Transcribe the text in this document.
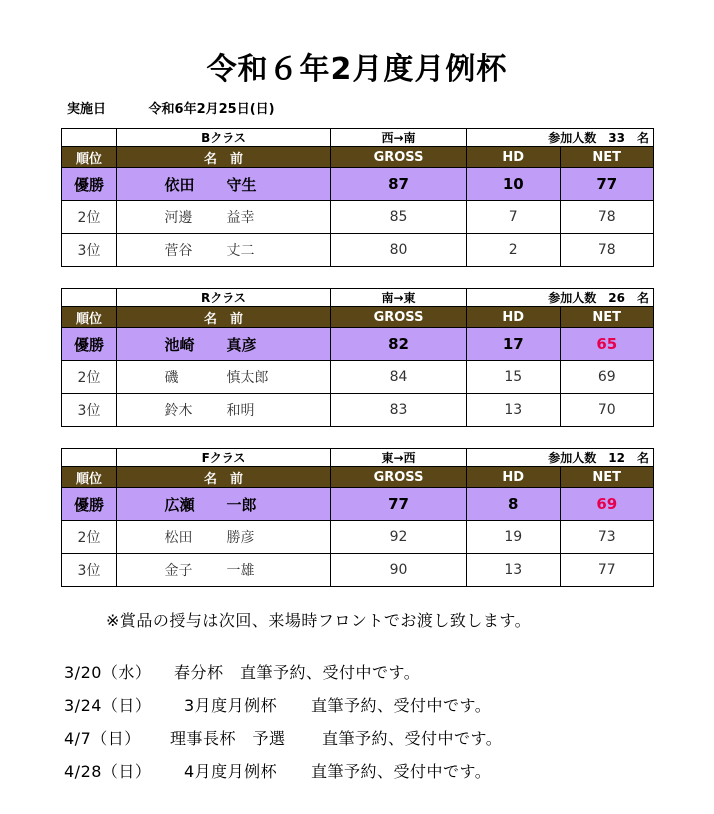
令和６年2月度月例杯
実施日	令和6年2月25日(日)
	Bクラス	西→南	参加人数　33　名	
順位	名　前	GROSS	HD	NET
優勝	依田 守生	87	10	77
2位	河邊 益幸	85	7	78
3位	菅谷 丈二	80	2	78
	Rクラス	南→東	参加人数　26　名	
順位	名　前	GROSS	HD	NET
優勝	池崎 真彦	82	17	65
2位	磯 慎太郎	84	15	69
3位	鈴木 和明	83	13	70
	Fクラス	東→西	参加人数　12　名	
順位	名　前	GROSS	HD	NET
優勝	広瀬 一郎	77	8	69
2位	松田 勝彦	92	19	73
3位	金子 一雄	90	13	77
※賞品の授与は次回、来場時フロントでお渡し致します。
3/20（水） 春分杯 直筆予約、受付中です。
3/24（日） 3月度月例杯 直筆予約、受付中です。
4/7（日） 理事長杯　予選 直筆予約、受付中です。
4/28（日） 4月度月例杯 直筆予約、受付中です。
